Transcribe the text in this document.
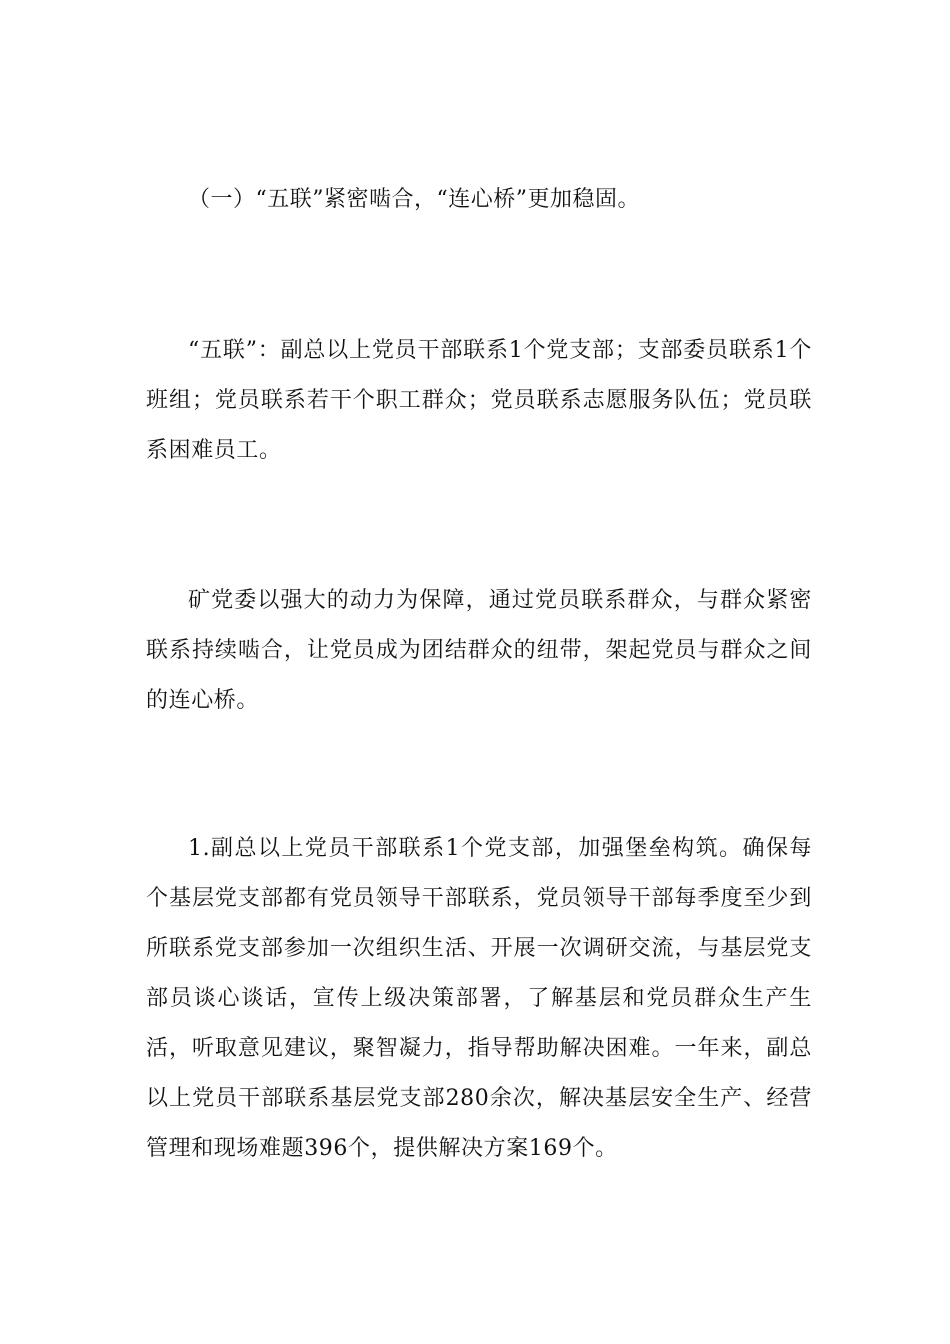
（一）“五联”紧密啮合，“连心桥”更加稳固。

“五联”：副总以上党员干部联系1个党支部；支部委员联系1个班组；党员联系若干个职工群众；党员联系志愿服务队伍；党员联系困难员工。

矿党委以强大的动力为保障，通过党员联系群众，与群众紧密联系持续啮合，让党员成为团结群众的纽带，架起党员与群众之间的连心桥。

1.副总以上党员干部联系1个党支部，加强堡垒构筑。确保每个基层党支部都有党员领导干部联系，党员领导干部每季度至少到所联系党支部参加一次组织生活、开展一次调研交流，与基层党支部员谈心谈话，宣传上级决策部署，了解基层和党员群众生产生活，听取意见建议，聚智凝力，指导帮助解决困难。一年来，副总以上党员干部联系基层党支部280余次，解决基层安全生产、经营管理和现场难题396个，提供解决方案169个。
